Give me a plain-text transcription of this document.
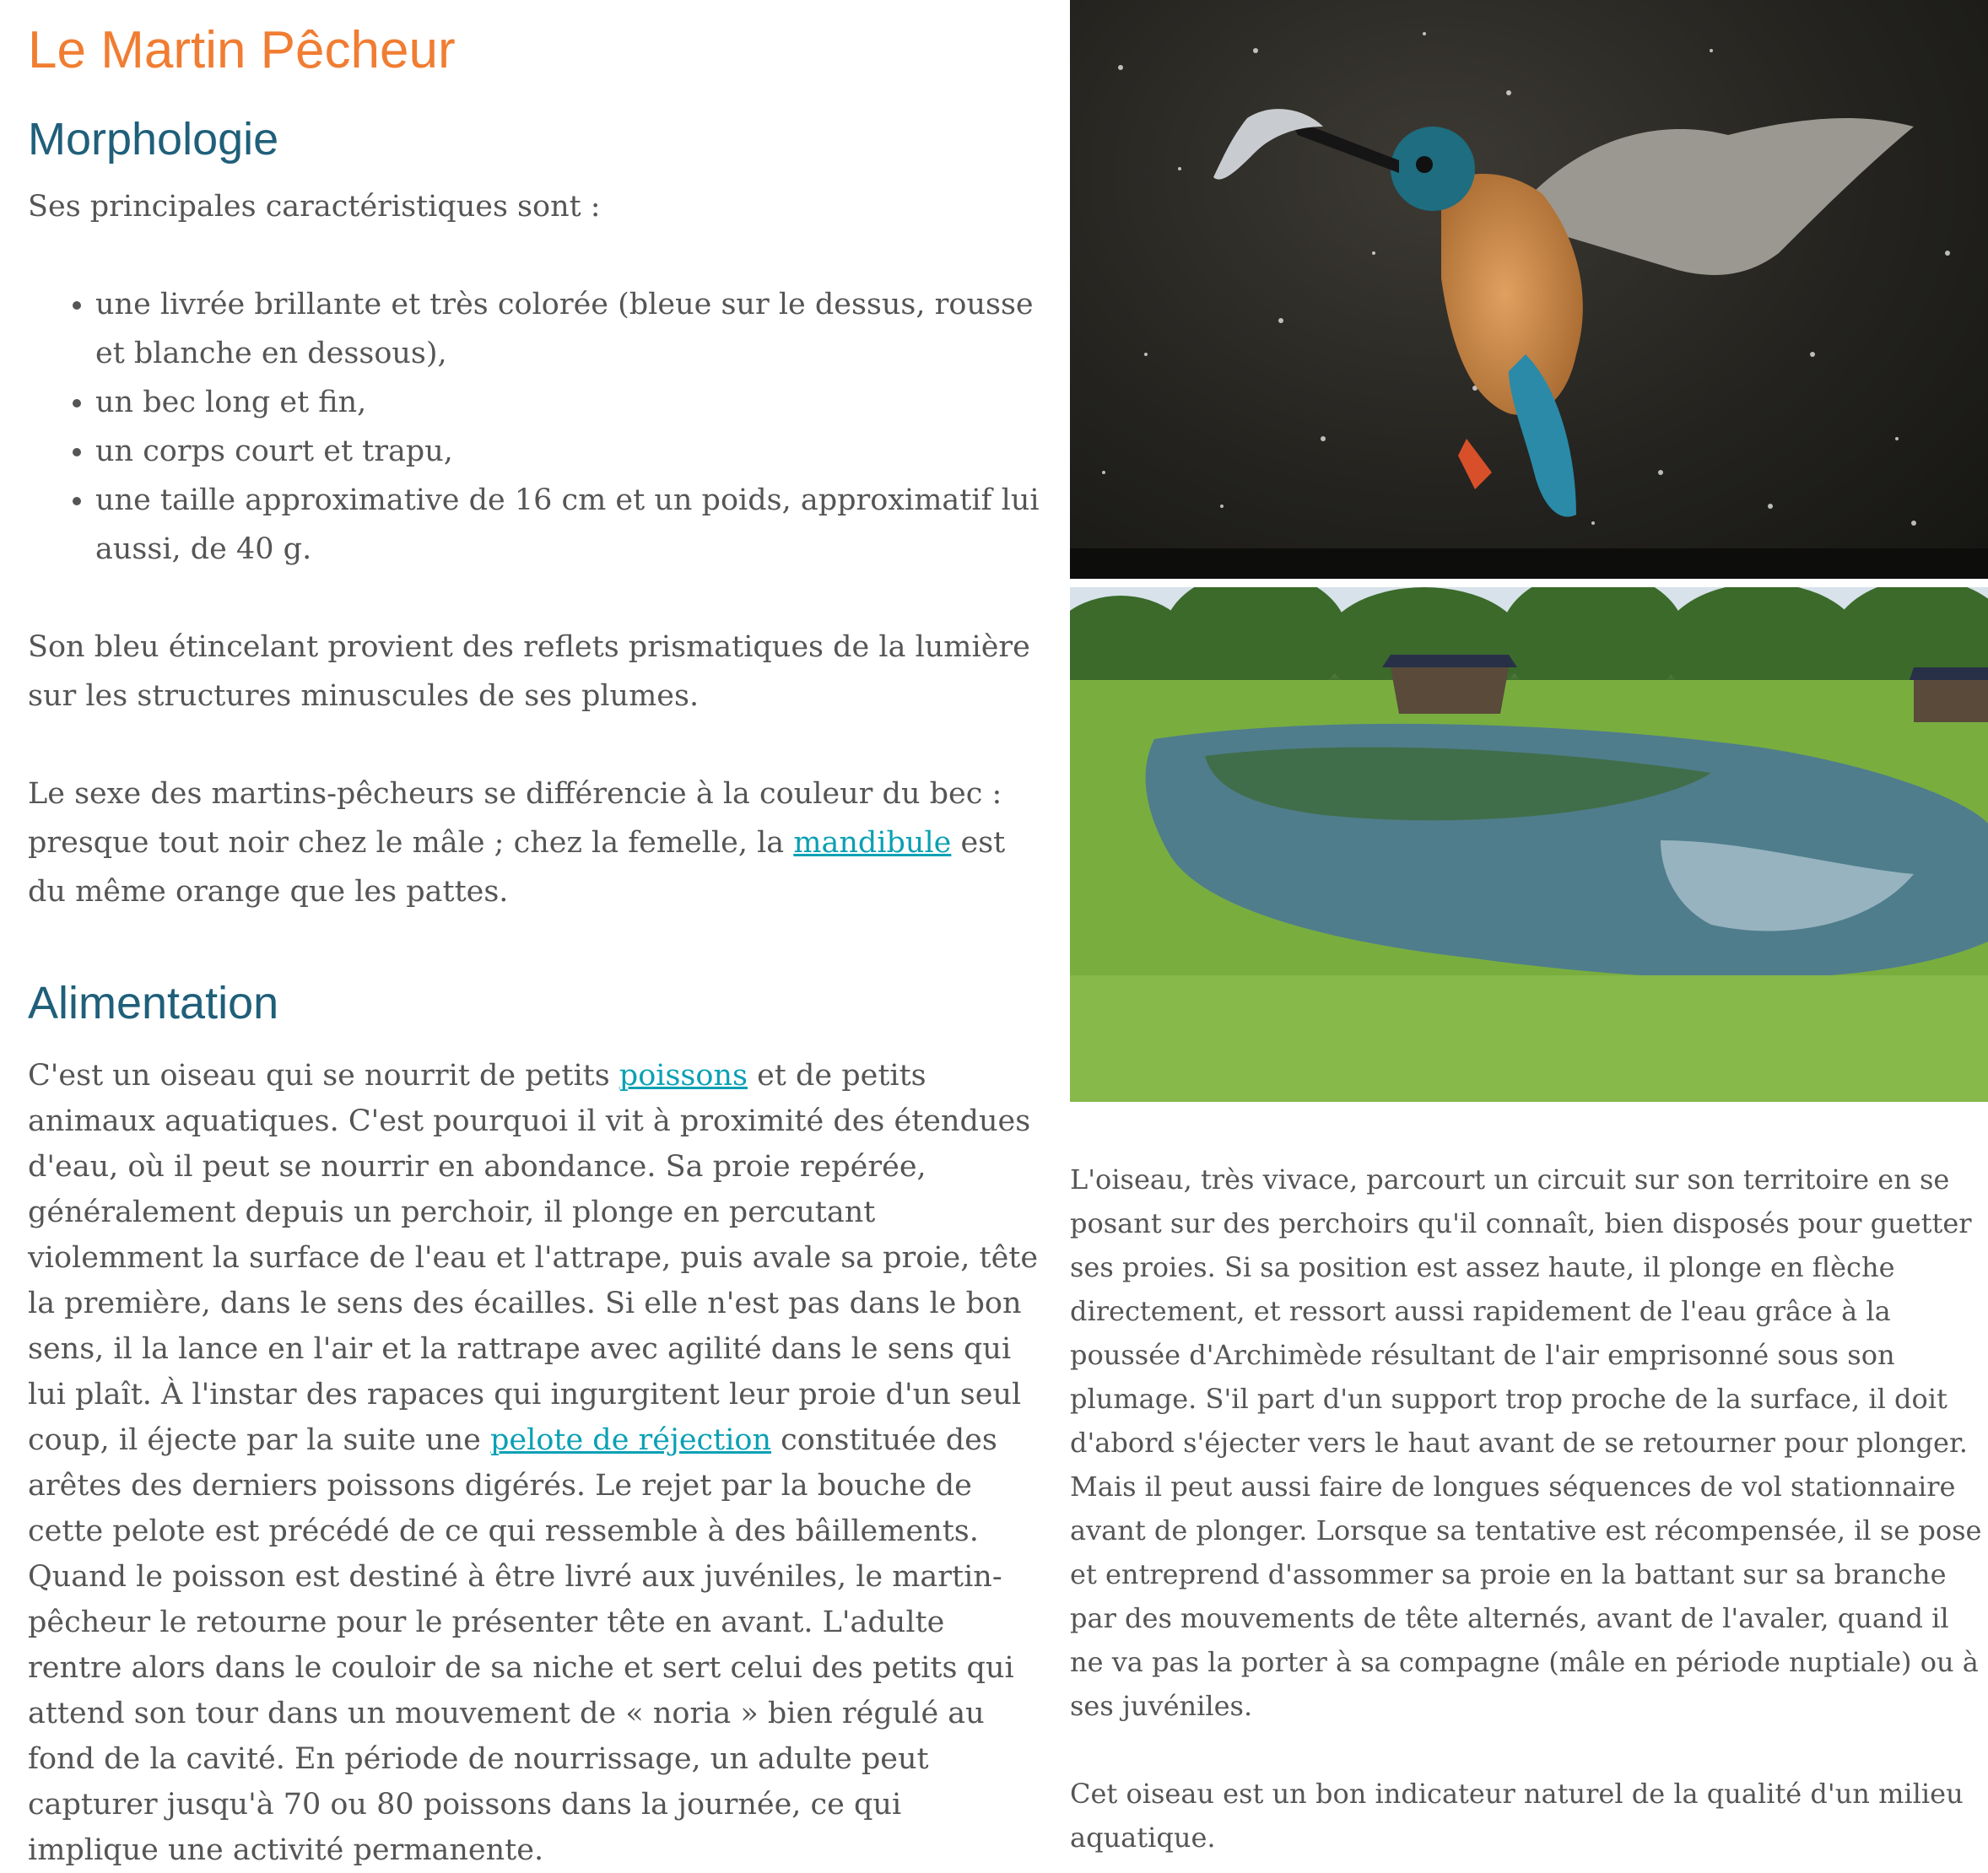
Le Martin Pêcheur
Morphologie

Ses principales caractéristiques sont :

• une livrée brillante et très colorée (bleue sur le dessus, rousse et blanche en dessous),
• un bec long et fin,
• un corps court et trapu,
• une taille approximative de 16 cm et un poids, approximatif lui aussi, de 40 g.

Son bleu étincelant provient des reflets prismatiques de la lumière sur les structures minuscules de ses plumes.

Le sexe des martins-pêcheurs se différencie à la couleur du bec : presque tout noir chez le mâle ; chez la femelle, la mandibule est du même orange que les pattes.

Alimentation

C'est un oiseau qui se nourrit de petits poissons et de petits animaux aquatiques. C'est pourquoi il vit à proximité des étendues d'eau, où il peut se nourrir en abondance. Sa proie repérée, généralement depuis un perchoir, il plonge en percutant violemment la surface de l'eau et l'attrape, puis avale sa proie, tête la première, dans le sens des écailles. Si elle n'est pas dans le bon sens, il la lance en l'air et la rattrape avec agilité dans le sens qui lui plaît. À l'instar des rapaces qui ingurgitent leur proie d'un seul coup, il éjecte par la suite une pelote de réjection constituée des arêtes des derniers poissons digérés. Le rejet par la bouche de cette pelote est précédé de ce qui ressemble à des bâillements. Quand le poisson est destiné à être livré aux juvéniles, le martin-pêcheur le retourne pour le présenter tête en avant. L'adulte rentre alors dans le couloir de sa niche et sert celui des petits qui attend son tour dans un mouvement de « noria » bien régulé au fond de la cavité. En période de nourrissage, un adulte peut capturer jusqu'à 70 ou 80 poissons dans la journée, ce qui implique une activité permanente.

L'oiseau, très vivace, parcourt un circuit sur son territoire en se posant sur des perchoirs qu'il connaît, bien disposés pour guetter ses proies. Si sa position est assez haute, il plonge en flèche directement, et ressort aussi rapidement de l'eau grâce à la poussée d'Archimède résultant de l'air emprisonné sous son plumage. S'il part d'un support trop proche de la surface, il doit d'abord s'éjecter vers le haut avant de se retourner pour plonger. Mais il peut aussi faire de longues séquences de vol stationnaire avant de plonger. Lorsque sa tentative est récompensée, il se pose et entreprend d'assommer sa proie en la battant sur sa branche par des mouvements de tête alternés, avant de l'avaler, quand il ne va pas la porter à sa compagne (mâle en période nuptiale) ou à ses juvéniles.

Cet oiseau est un bon indicateur naturel de la qualité d'un milieu aquatique.
